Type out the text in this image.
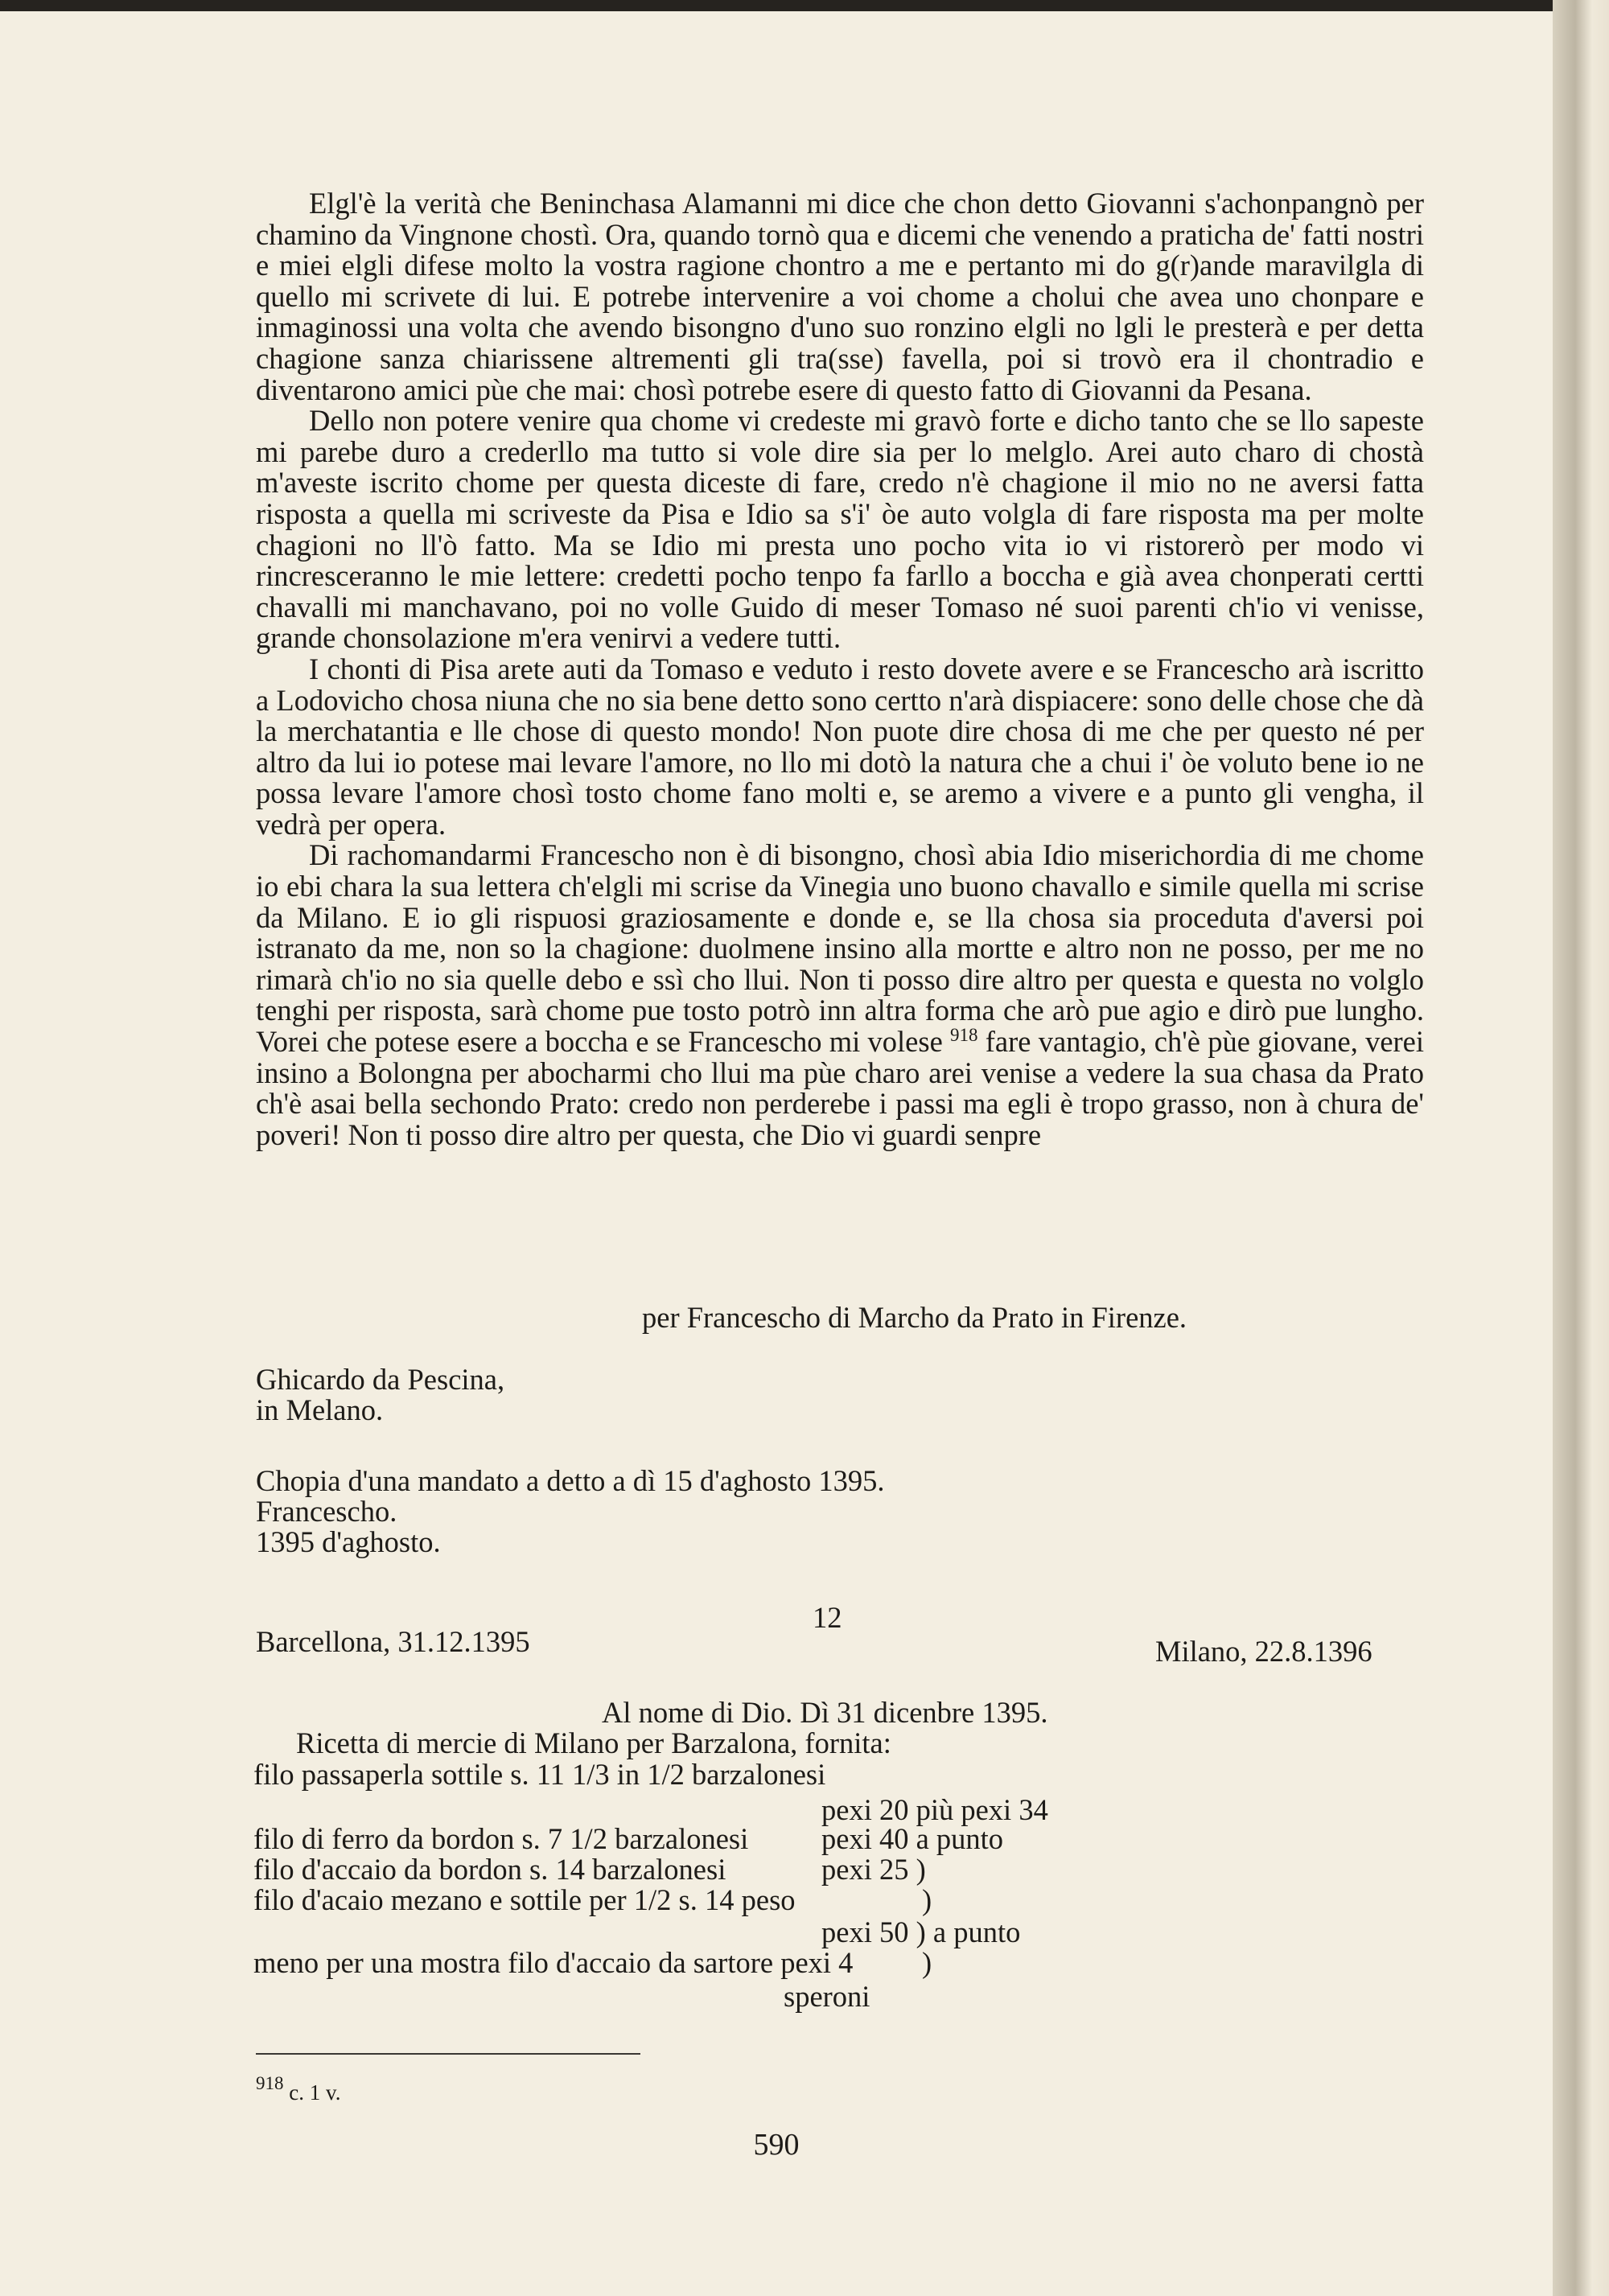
Elgl'è la verità che Beninchasa Alamanni mi dice che chon detto Giovanni s'achonpangnò per chamino da Vingnone chostì. Ora, quando tornò qua e dicemi che venendo a praticha de' fatti nostri e miei elgli difese molto la vostra ragione chontro a me e pertanto mi do g(r)ande maravilgla di quello mi scrivete di lui. E potrebe intervenire a voi chome a cholui che avea uno chonpare e inmaginossi una volta che avendo bisongno d'uno suo ronzino elgli no lgli le presterà e per detta chagione sanza chiarissene altrementi gli tra(sse) favella, poi si trovò era il chontradio e diventarono amici pùe che mai: chosì potrebe esere di questo fatto di Giovanni da Pesana.

Dello non potere venire qua chome vi credeste mi gravò forte e dicho tanto che se llo sapeste mi parebe duro a crederllo ma tutto si vole dire sia per lo melglo. Arei auto charo di chostà m'aveste iscrito chome per questa diceste di fare, credo n'è chagione il mio no ne aversi fatta risposta a quella mi scriveste da Pisa e Idio sa s'i' òe auto volgla di fare risposta ma per molte chagioni no ll'ò fatto. Ma se Idio mi presta uno pocho vita io vi ristorerò per modo vi rincresceranno le mie lettere: credetti pocho tenpo fa farllo a boccha e già avea chonperati certti chavalli mi manchavano, poi no volle Guido di meser Tomaso né suoi parenti ch'io vi venisse, grande chonsolazione m'era venirvi a vedere tutti.

I chonti di Pisa arete auti da Tomaso e veduto i resto dovete avere e se Francescho arà iscritto a Lodovicho chosa niuna che no sia bene detto sono certto n'arà dispiacere: sono delle chose che dà la merchatantia e lle chose di questo mondo! Non puote dire chosa di me che per questo né per altro da lui io potese mai levare l'amore, no llo mi dotò la natura che a chui i' òe voluto bene io ne possa levare l'amore chosì tosto chome fano molti e, se aremo a vivere e a punto gli vengha, il vedrà per opera.

Di rachomandarmi Francescho non è di bisongno, chosì abia Idio miserichordia di me chome io ebi chara la sua lettera ch'elgli mi scrise da Vinegia uno buono chavallo e simile quella mi scrise da Milano. E io gli rispuosi graziosamente e donde e, se lla chosa sia proceduta d'aversi poi istranato da me, non so la chagione: duolmene insino alla mortte e altro non ne posso, per me no rimarà ch'io no sia quelle debo e ssì cho llui. Non ti posso dire altro per questa e questa no volglo tenghi per risposta, sarà chome pue tosto potrò inn altra forma che arò pue agio e dirò pue lungho. Vorei che potese esere a boccha e se Francescho mi volese $^{918}$ fare vantagio, ch'è pùe giovane, verei insino a Bolongna per abocharmi cho llui ma pùe charo arei venise a vedere la sua chasa da Prato ch'è asai bella sechondo Prato: credo non perderebe i passi ma egli è tropo grasso, non à chura de' poveri! Non ti posso dire altro per questa, che Dio vi guardi senpre

per Francescho di Marcho da Prato in Firenze.
Ghicardo da Pescina,
in Melano.
Chopia d'una mandato a detto a dì 15 d'aghosto 1395.
Francescho.
1395 d'aghosto.
12
Barcellona, 31.12.1395	Milano, 22.8.1396
Al nome di Dio. Dì 31 dicenbre 1395.
Ricetta di mercie di Milano per Barzalona, fornita:
filo passaperla sottile s. 11 1/3 in 1/2 barzalonesi
pexi 20 più pexi 34
filo di ferro da bordon s. 7 1/2 barzalonesi pexi 40 a punto
filo d'accaio da bordon s. 14 barzalonesi	pexi 25 )
filo d'acaio mezano e sottile per 1/2 s. 14 peso	)
pexi 50 ) a punto
meno per una mostra filo d'accaio da sartore pexi 4 )
speroni
$^{918}$ c. 1 v.
590
